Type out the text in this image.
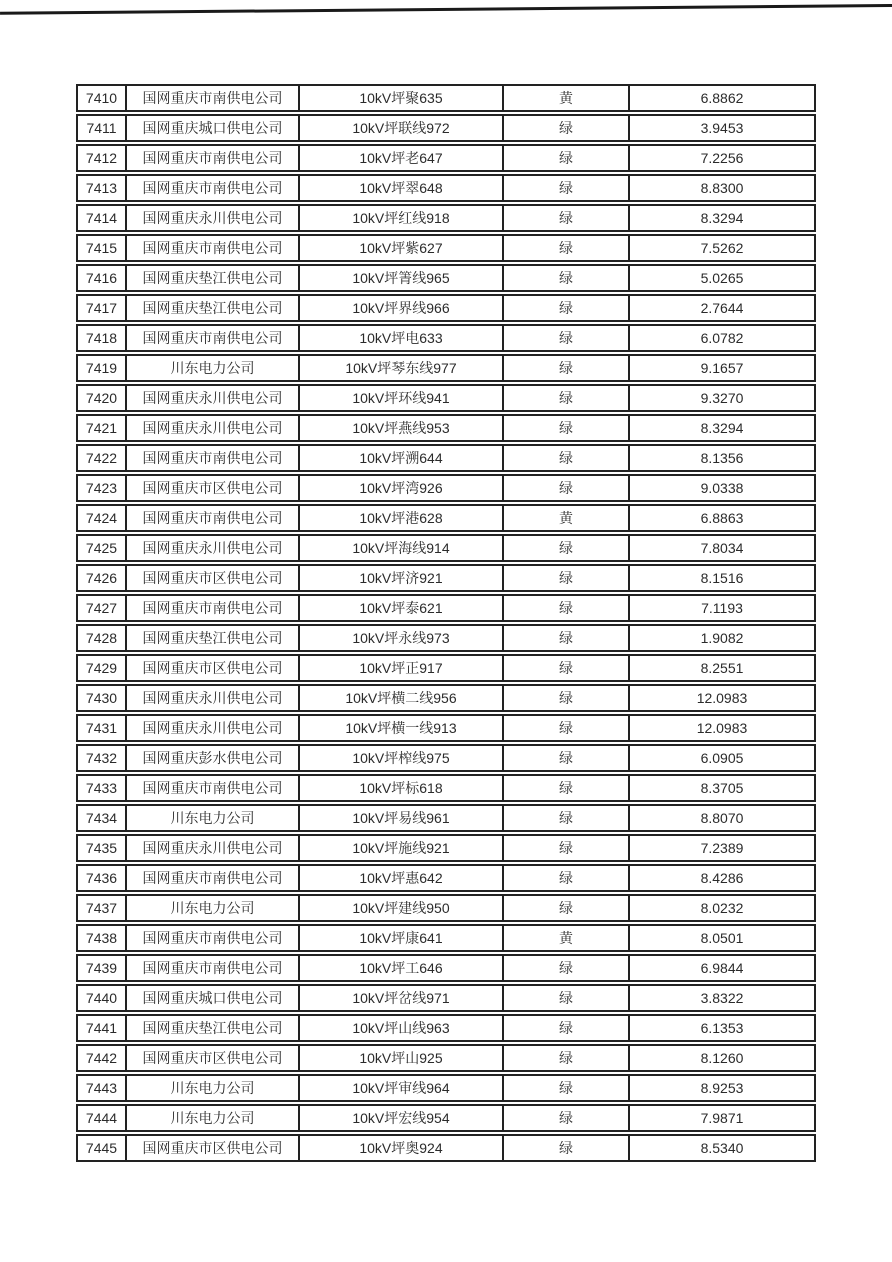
7410	国网重庆市南供电公司	10kV坪聚635	黄	6.8862
7411	国网重庆城口供电公司	10kV坪联线972	绿	3.9453
7412	国网重庆市南供电公司	10kV坪老647	绿	7.2256
7413	国网重庆市南供电公司	10kV坪翠648	绿	8.8300
7414	国网重庆永川供电公司	10kV坪红线918	绿	8.3294
7415	国网重庆市南供电公司	10kV坪紫627	绿	7.5262
7416	国网重庆垫江供电公司	10kV坪箐线965	绿	5.0265
7417	国网重庆垫江供电公司	10kV坪界线966	绿	2.7644
7418	国网重庆市南供电公司	10kV坪电633	绿	6.0782
7419	川东电力公司	10kV坪琴东线977	绿	9.1657
7420	国网重庆永川供电公司	10kV坪环线941	绿	9.3270
7421	国网重庆永川供电公司	10kV坪燕线953	绿	8.3294
7422	国网重庆市南供电公司	10kV坪溯644	绿	8.1356
7423	国网重庆市区供电公司	10kV坪湾926	绿	9.0338
7424	国网重庆市南供电公司	10kV坪港628	黄	6.8863
7425	国网重庆永川供电公司	10kV坪海线914	绿	7.8034
7426	国网重庆市区供电公司	10kV坪济921	绿	8.1516
7427	国网重庆市南供电公司	10kV坪泰621	绿	7.1193
7428	国网重庆垫江供电公司	10kV坪永线973	绿	1.9082
7429	国网重庆市区供电公司	10kV坪正917	绿	8.2551
7430	国网重庆永川供电公司	10kV坪横二线956	绿	12.0983
7431	国网重庆永川供电公司	10kV坪横一线913	绿	12.0983
7432	国网重庆彭水供电公司	10kV坪榨线975	绿	6.0905
7433	国网重庆市南供电公司	10kV坪标618	绿	8.3705
7434	川东电力公司	10kV坪易线961	绿	8.8070
7435	国网重庆永川供电公司	10kV坪施线921	绿	7.2389
7436	国网重庆市南供电公司	10kV坪惠642	绿	8.4286
7437	川东电力公司	10kV坪建线950	绿	8.0232
7438	国网重庆市南供电公司	10kV坪康641	黄	8.0501
7439	国网重庆市南供电公司	10kV坪工646	绿	6.9844
7440	国网重庆城口供电公司	10kV坪岔线971	绿	3.8322
7441	国网重庆垫江供电公司	10kV坪山线963	绿	6.1353
7442	国网重庆市区供电公司	10kV坪山925	绿	8.1260
7443	川东电力公司	10kV坪审线964	绿	8.9253
7444	川东电力公司	10kV坪宏线954	绿	7.9871
7445	国网重庆市区供电公司	10kV坪奥924	绿	8.5340
